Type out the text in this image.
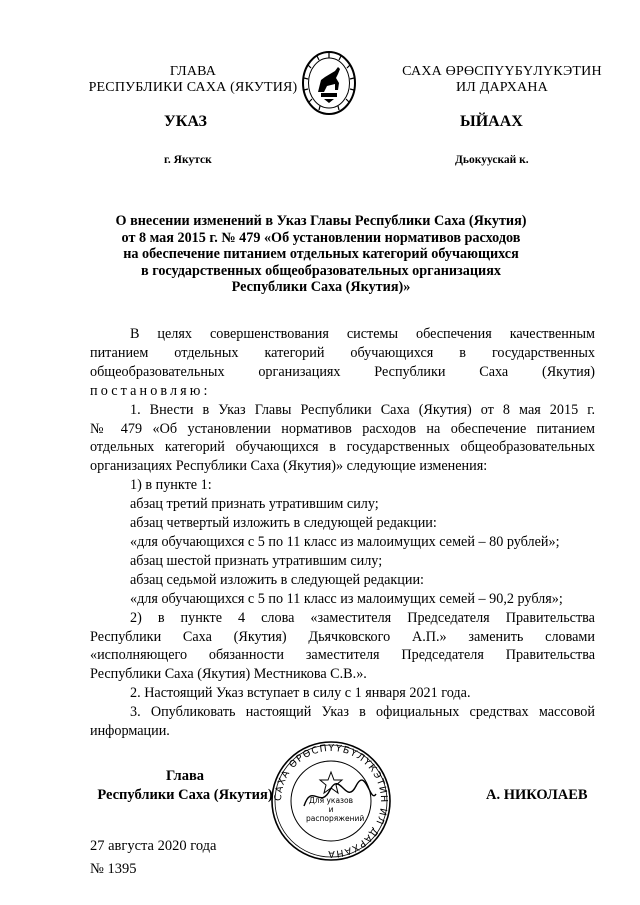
ГЛАВА
РЕСПУБЛИКИ САХА (ЯКУТИЯ)
САХА ӨРӨСПҮҮБҮЛҮКЭТИН
ИЛ ДАРХАНА
УКАЗ	ЫЙААХ
г. Якутск	Дьокуускай к.
О внесении изменений в Указ Главы Республики Саха (Якутия)
от 8 мая 2015 г. № 479 «Об установлении нормативов расходов
на обеспечение питанием отдельных категорий обучающихся
в государственных общеобразовательных организациях
Республики Саха (Якутия)»

В целях совершенствования системы обеспечения качественным

питанием отдельных категорий обучающихся в государственных

общеобразовательных организациях Республики Саха (Якутия)

постановляю:

1. Внести в Указ Главы Республики Саха (Якутия) от 8 мая 2015 г.

№ 479 «Об установлении нормативов расходов на обеспечение питанием

отдельных категорий обучающихся в государственных общеобразовательных

организациях Республики Саха (Якутия)» следующие изменения:

1) в пункте 1:

абзац третий признать утратившим силу;

абзац четвертый изложить в следующей редакции:

«для обучающихся с 5 по 11 класс из малоимущих семей – 80 рублей»;

абзац шестой признать утратившим силу;

абзац седьмой изложить в следующей редакции:

«для обучающихся с 5 по 11 класс из малоимущих семей – 90,2 рубля»;

2) в пункте 4 слова «заместителя Председателя Правительства

Республики Саха (Якутия) Дьячковского А.П.» заменить словами

«исполняющего обязанности заместителя Председателя Правительства

Республики Саха (Якутия) Местникова С.В.».

2. Настоящий Указ вступает в силу с 1 января 2021 года.

3. Опубликовать настоящий Указ в официальных средствах массовой

информации.

Глава
Республики Саха (Якутия)	А. НИКОЛАЕВ
САХА ӨРӨСПҮҮБҮЛҮКЭТИН ИЛ ДАРХАНА
Для указов и распоряжений
27 августа 2020 года
№ 1395
